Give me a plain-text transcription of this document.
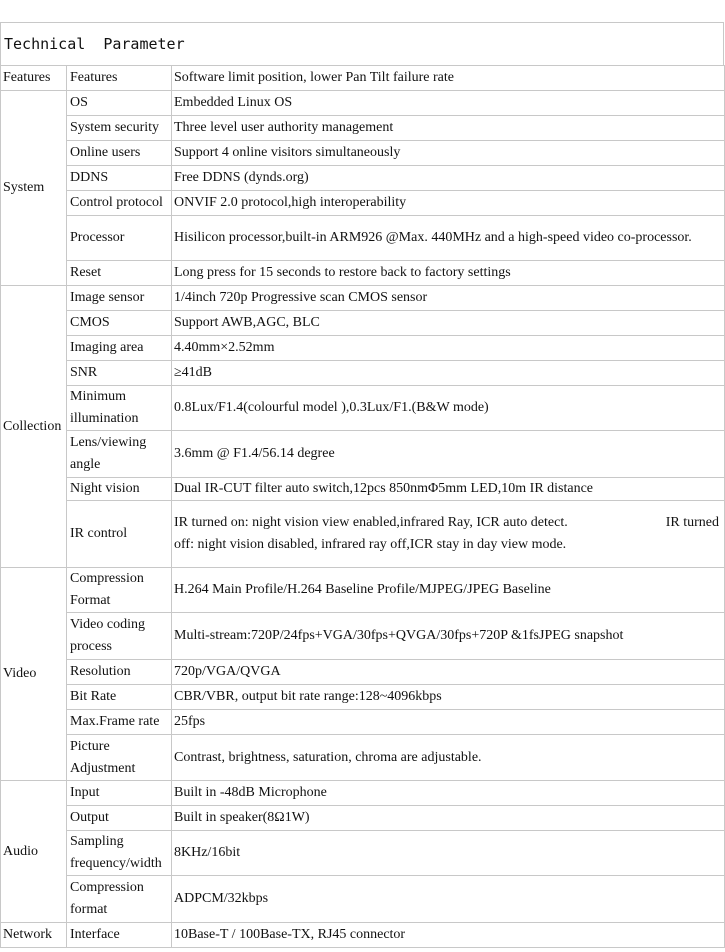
Technical  Parameter
Features	Features	Software limit position, lower Pan Tilt failure rate
System	OS	Embedded Linux OS
	System security	Three level user authority management
	Online users	Support 4 online visitors simultaneously
	DDNS	Free DDNS (dynds.org)
	Control protocol	ONVIF 2.0 protocol,high interoperability
	Processor	Hisilicon processor,built-in ARM926 @Max. 440MHz and a high-speed video co-processor.
	Reset	Long press for 15 seconds to restore back to factory settings
Collection	Image sensor	1/4inch 720p Progressive scan CMOS sensor
	CMOS	Support AWB,AGC, BLC
	Imaging area	4.40mm×2.52mm
	SNR	≥41dB
	Minimum illumination	0.8Lux/F1.4(colourful model ),0.3Lux/F1.(B&W mode)
	Lens/viewing angle	3.6mm @ F1.4/56.14 degree
	Night vision	Dual IR-CUT filter auto switch,12pcs 850nmΦ5mm LED,10m IR distance
	IR control	IR turned on: night vision view enabled,infrared Ray, ICR auto detect. IR turned off: night vision disabled, infrared ray off,ICR stay in day view mode.
Video	Compression Format	H.264 Main Profile/H.264 Baseline Profile/MJPEG/JPEG Baseline
	Video coding process	Multi-stream:720P/24fps+VGA/30fps+QVGA/30fps+720P &1fsJPEG snapshot
	Resolution	720p/VGA/QVGA
	Bit Rate	CBR/VBR, output bit rate range:128~4096kbps
	Max.Frame rate	25fps
	Picture Adjustment	Contrast, brightness, saturation, chroma are adjustable.
Audio	Input	Built in -48dB Microphone
	Output	Built in speaker(8Ω1W)
	Sampling frequency/width	8KHz/16bit
	Compression format	ADPCM/32kbps
Network	Interface	10Base-T / 100Base-TX, RJ45 connector
